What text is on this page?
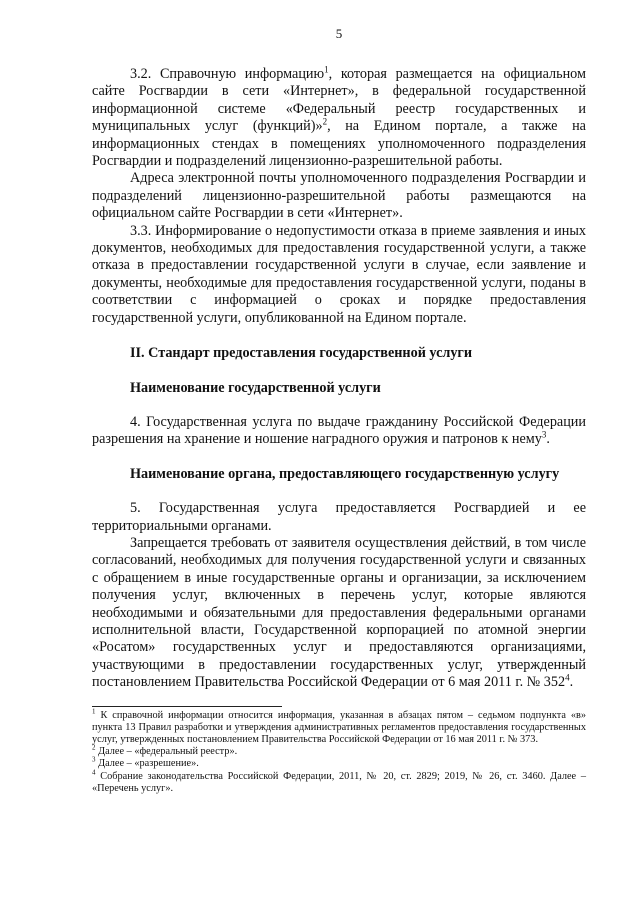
5

3.2. Справочную информацию$^1$, которая размещается на официальном сайте Росгвардии в сети «Интернет», в федеральной государственной информационной системе «Федеральный реестр государственных и муниципальных услуг (функций)»$^2$, на Едином портале, а также на информационных стендах в помещениях уполномоченного подразделения Росгвардии и подразделений лицензионно-разрешительной работы.

Адреса электронной почты уполномоченного подразделения Росгвардии и подразделений лицензионно-разрешительной работы размещаются на официальном сайте Росгвардии в сети «Интернет».

3.3. Информирование о недопустимости отказа в приеме заявления и иных документов, необходимых для предоставления государственной услуги, а также отказа в предоставлении государственной услуги в случае, если заявление и документы, необходимые для предоставления государственной услуги, поданы в соответствии с информацией о сроках и порядке предоставления государственной услуги, опубликованной на Едином портале.

II. Стандарт предоставления государственной услуги

Наименование государственной услуги

4. Государственная услуга по выдаче гражданину Российской Федерации разрешения на хранение и ношение наградного оружия и патронов к нему$^3$.

Наименование органа, предоставляющего государственную услугу

5. Государственная услуга предоставляется Росгвардией и ее территориальными органами.

Запрещается требовать от заявителя осуществления действий, в том числе согласований, необходимых для получения государственной услуги и связанных с обращением в иные государственные органы и организации, за исключением получения услуг, включенных в перечень услуг, которые являются необходимыми и обязательными для предоставления федеральными органами исполнительной власти, Государственной корпорацией по атомной энергии «Росатом» государственных услуг и предоставляются организациями, участвующими в предоставлении государственных услуг, утвержденный постановлением Правительства Российской Федерации от 6 мая 2011 г. № $352^4$.

$^1$ К справочной информации относится информация, указанная в абзацах пятом – седьмом подпункта «в» пункта 13 Правил разработки и утверждения административных регламентов предоставления государственных услуг, утвержденных постановлением Правительства Российской Федерации от 16 мая 2011 г. № 373.

$^2$ Далее – «федеральный реестр».

$^3$ Далее – «разрешение».

$^4$ Собрание законодательства Российской Федерации, 2011, № 20, ст. 2829; 2019, № 26, ст. 3460. Далее – «Перечень услуг».
